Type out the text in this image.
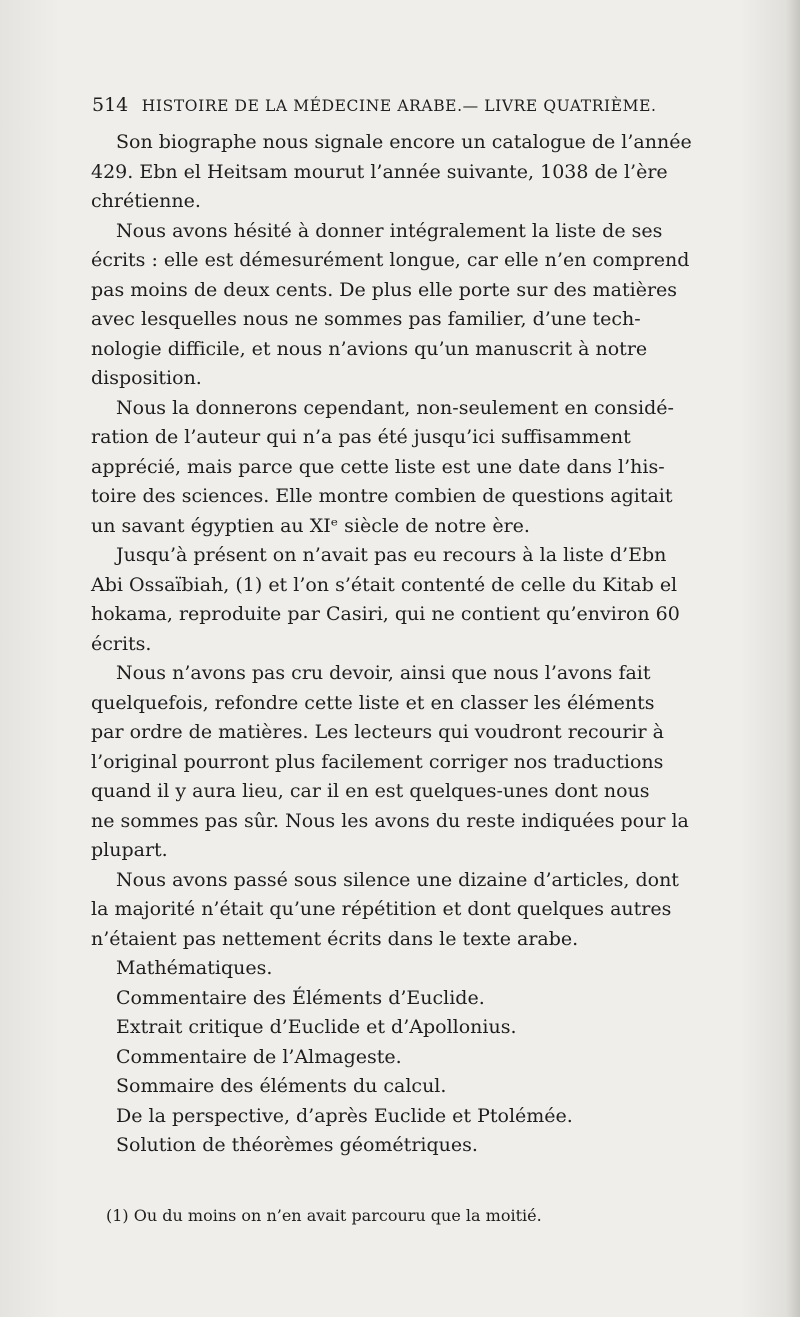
514 HISTOIRE DE LA MÉDECINE ARABE.— LIVRE QUATRIÈME.
Son biographe nous signale encore un catalogue de l’année
429. Ebn el Heitsam mourut l’année suivante, 1038 de l’ère
chrétienne.
Nous avons hésité à donner intégralement la liste de ses
écrits : elle est démesurément longue, car elle n’en comprend
pas moins de deux cents. De plus elle porte sur des matières
avec lesquelles nous ne sommes pas familier, d’une tech-
nologie difficile, et nous n’avions qu’un manuscrit à notre
disposition.
Nous la donnerons cependant, non-seulement en considé-
ration de l’auteur qui n’a pas été jusqu’ici suffisamment
apprécié, mais parce que cette liste est une date dans l’his-
toire des sciences. Elle montre combien de questions agitait
un savant égyptien au XIᵉ siècle de notre ère.
Jusqu’à présent on n’avait pas eu recours à la liste d’Ebn
Abi Ossaïbiah, (1) et l’on s’était contenté de celle du Kitab el
hokama, reproduite par Casiri, qui ne contient qu’environ 60
écrits.
Nous n’avons pas cru devoir, ainsi que nous l’avons fait
quelquefois, refondre cette liste et en classer les éléments
par ordre de matières. Les lecteurs qui voudront recourir à
l’original pourront plus facilement corriger nos traductions
quand il y aura lieu, car il en est quelques-unes dont nous
ne sommes pas sûr. Nous les avons du reste indiquées pour la
plupart.
Nous avons passé sous silence une dizaine d’articles, dont
la majorité n’était qu’une répétition et dont quelques autres
n’étaient pas nettement écrits dans le texte arabe.
Mathématiques.
Commentaire des Éléments d’Euclide.
Extrait critique d’Euclide et d’Apollonius.
Commentaire de l’Almageste.
Sommaire des éléments du calcul.
De la perspective, d’après Euclide et Ptolémée.
Solution de théorèmes géométriques.
(1) Ou du moins on n’en avait parcouru que la moitié.
